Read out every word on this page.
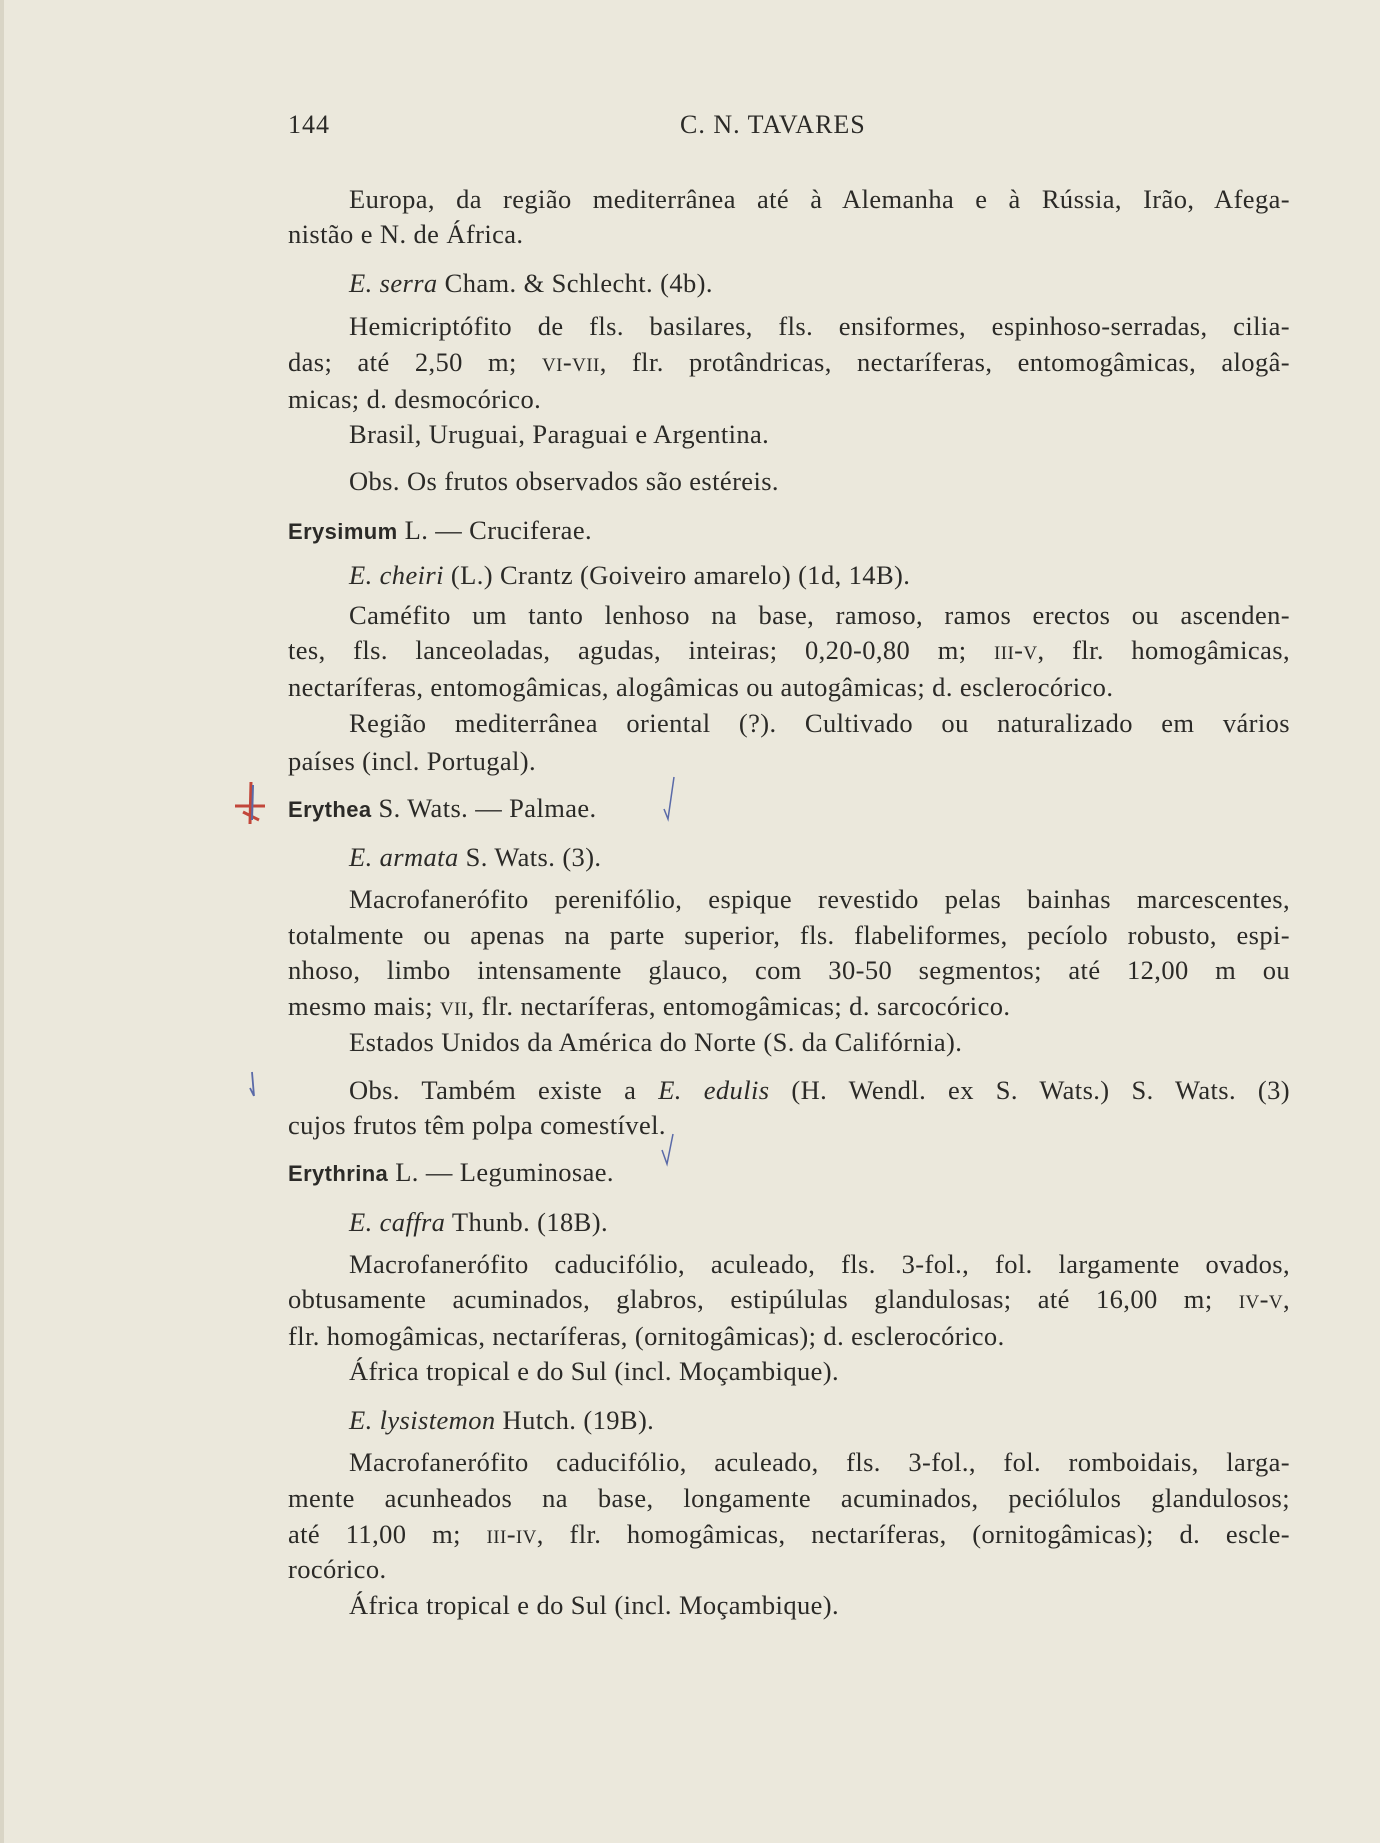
144	C. N. TAVARES
Europa, da região mediterrânea até à Alemanha e à Rússia, Irão, Afega-
nistão e N. de África.
E. serra Cham. & Schlecht. (4b).
Hemicriptófito de fls. basilares, fls. ensiformes, espinhoso-serradas, cilia-
das; até 2,50 m; vi-vii, flr. protândricas, nectaríferas, entomogâmicas, alogâ-
micas; d. desmocórico.
Brasil, Uruguai, Paraguai e Argentina.
Obs. Os frutos observados são estéreis.
Erysimum L. — Cruciferae.
E. cheiri (L.) Crantz (Goiveiro amarelo) (1d, 14B).
Caméfito um tanto lenhoso na base, ramoso, ramos erectos ou ascenden-
tes, fls. lanceoladas, agudas, inteiras; 0,20-0,80 m; iii-v, flr. homogâmicas,
nectaríferas, entomogâmicas, alogâmicas ou autogâmicas; d. esclerocórico.
Região mediterrânea oriental (?). Cultivado ou naturalizado em vários
países (incl. Portugal).
Erythea S. Wats. — Palmae.
E. armata S. Wats. (3).
Macrofanerófito perenifólio, espique revestido pelas bainhas marcescentes,
totalmente ou apenas na parte superior, fls. flabeliformes, pecíolo robusto, espi-
nhoso, limbo intensamente glauco, com 30-50 segmentos; até 12,00 m ou
mesmo mais; vii, flr. nectaríferas, entomogâmicas; d. sarcocórico.
Estados Unidos da América do Norte (S. da Califórnia).
Obs. Também existe a E. edulis (H. Wendl. ex S. Wats.) S. Wats. (3)
cujos frutos têm polpa comestível.
Erythrina L. — Leguminosae.
E. caffra Thunb. (18B).
Macrofanerófito caducifólio, aculeado, fls. 3-fol., fol. largamente ovados,
obtusamente acuminados, glabros, estipúlulas glandulosas; até 16,00 m; iv-v,
flr. homogâmicas, nectaríferas, (ornitogâmicas); d. esclerocórico.
África tropical e do Sul (incl. Moçambique).
E. lysistemon Hutch. (19B).
Macrofanerófito caducifólio, aculeado, fls. 3-fol., fol. romboidais, larga-
mente acunheados na base, longamente acuminados, peciólulos glandulosos;
até 11,00 m; iii-iv, flr. homogâmicas, nectaríferas, (ornitogâmicas); d. escle-
rocórico.
África tropical e do Sul (incl. Moçambique).
